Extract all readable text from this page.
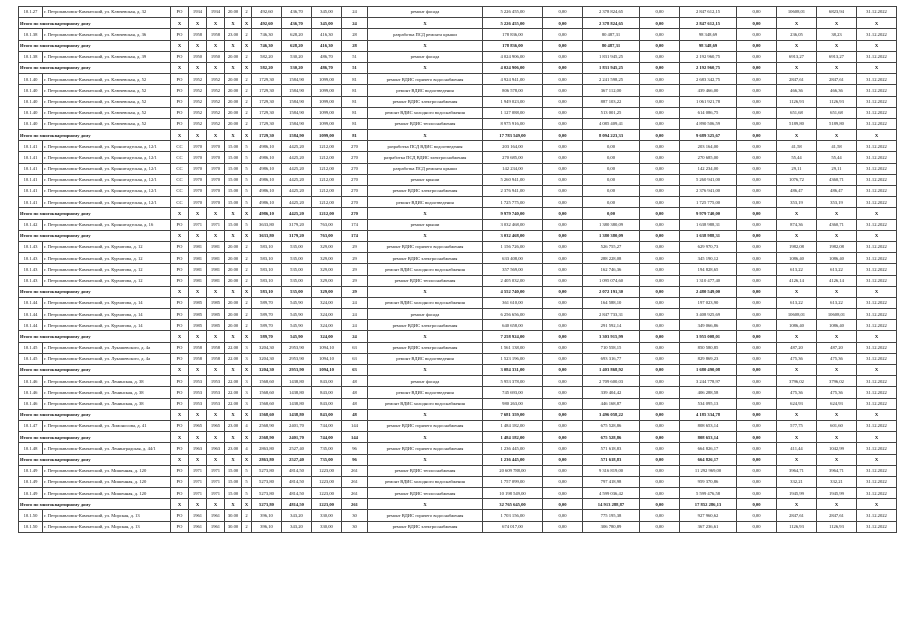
10.1.27	г. Петропавловск-Камчатский, ул. Ключевская, д. 32	РО	1934	1934	20.00	2	492,60	436,70	345,00	24	ремонт фасада	5 226 455,00	0,00	2 378 824,65	0,00	2 847 612,15	0,00	10608,01	6823,94	31.12.2022
Итого по многоквартирному дому		X	X	X	X	X	492,60	436,70	345,00	24	X	5 226 455,00	0,00	2 378 824,65	0,00	2 847 612,15	0,00	X	X	X
10.1.38	г. Петропавловск-Камчатский, ул. Ключевская, д. 36	РО	1958	1958	23.00	2	746,30	628,20	416,30	28	разработка ПСД ремонта крыши	178 836,00	0,00	80 487,31	0,00	98 348,69	0,00	236,05	38,23	31.12.2022
Итого по многоквартирному дому		X	X	X	X	X	746,30	628,20	416,30	28	X	178 836,00	0,00	80 487,31	0,00	98 348,69	0,00	X	X	X
10.1.38	г. Петропавловск-Камчатский, ул. Ключевская, д. 39	РО	1950	1950	20.00	2	582,20	530,20	486,70	51	ремонт фасада	4 024 906,00	0,00	1 831 945,25	0,00	2 192 960,75	0,00	6913,27	6913,27	31.12.2022
Итого по многоквартирному дому		X	X	X	X	X	582,20	530,20	486,70	51	X	4 024 906,00	0,00	1 831 945,25	0,00	2 192 960,75	0,00	X	X	X
10.1.40	г. Петропавловск-Камчатский, ул. Ключевская, д. 52	РО	1952	1952	20.00	2	1729,30	1584,90	1099,00	81	ремонт ВДИС горячего водоснабжения	4 924 941,00	0,00	2 241 598,25	0,00	2 683 342,75	0,00	2847,61	2847,61	31.12.2022
10.1.40	г. Петропавловск-Камчатский, ул. Ключевская, д. 52	РО	1952	1952	20.00	2	1729,30	1584,90	1099,00	81	ремонт ВДИС водоотведения	806 578,00	0,00	367 112,00	0,00	439 466,00	0,00	466,36	466,36	31.12.2022
10.1.40	г. Петропавловск-Камчатский, ул. Ключевская, д. 52	РО	1952	1952	20.00	2	1729,30	1584,90	1099,00	81	ремонт ВДИС электроснабжения	1 949 023,00	0,00	887 103,22	0,00	1 061 921,78	0,00	1126,93	1126,93	31.12.2022
10.1.40	г. Петропавловск-Камчатский, ул. Ключевская, д. 52	РО	1952	1952	20.00	2	1729,30	1584,90	1099,00	81	ремонт ВДИС холодного водоснабжения	1 127 088,00	0,00	513 001,25	0,00	614 086,75	0,00	651,68	651,68	31.12.2022
10.1.40	г. Петропавловск-Камчатский, ул. Ключевская, д. 52	РО	1952	1952	20.00	2	1729,30	1584,90	1099,00	81	ремонт ВДИС теплоснабжения	8 975 916,00	0,00	4 085 409,41	0,00	4 890 506,59	0,00	5189,80	5189,80	31.12.2022
Итого по многоквартирному дому		X	X	X	X	X	1729,30	1584,90	1099,00	81	X	17 783 549,00	0,00	8 094 223,33	0,00	9 689 325,67	0,00	X	X	X
10.1.41	г. Петропавловск-Камчатский, ул. Кронштадтская, д. 12/1	СС	1970	1970	15.00	5	4986,10	4425,20	1212,00	270	разработка ПСД ВДИС водоотведения	203 164,00	0,00	0,00	0,00	203 164,00	0,00	41,58	41,58	31.12.2022
10.1.41	г. Петропавловск-Камчатский, ул. Кронштадтская, д. 12/1	СС	1970	1970	15.00	5	4986,10	4425,20	1212,00	270	разработка ПСД ВДИС электроснабжения	270 685,00	0,00	0,00	0,00	270 685,00	0,00	55,44	55,44	31.12.2022
10.1.41	г. Петропавловск-Камчатский, ул. Кронштадтская, д. 12/1	СС	1970	1970	15.00	5	4986,10	4425,20	1212,00	270	разработка ПСД ремонта крыши	142 234,00	0,00	0,00	0,00	142 234,00	0,00	29,11	29,11	31.12.2022
10.1.41	г. Петропавловск-Камчатский, ул. Кронштадтская, д. 12/1	СС	1970	1970	15.00	5	4986,10	4425,20	1212,00	270	ремонт крыши	5 260 941,00	0,00	0,00	0,00	5 260 941,00	0,00	1076,72	4360,71	31.12.2022
10.1.41	г. Петропавловск-Камчатский, ул. Кронштадтская, д. 12/1	СС	1970	1970	15.00	5	4986,10	4425,20	1212,00	270	ремонт ВДИС электроснабжения	2 376 941,00	0,00	0,00	0,00	2 376 941,00	0,00	486,47	486,47	31.12.2022
10.1.41	г. Петропавловск-Камчатский, ул. Кронштадтская, д. 12/1	СС	1970	1970	15.00	5	4986,10	4425,20	1212,00	270	ремонт ВДИС водоотведения	1 725 775,00	0,00	0,00	0,00	1 725 775,00	0,00	353,19	353,19	31.12.2022
Итого по многоквартирному дому		X	X	X	X	X	4986,10	4425,20	1212,00	270	X	9 979 740,00	0,00	0,00	0,00	9 979 740,00	0,00	X	X	X
10.1.42	г. Петропавловск-Камчатский, ул. Кронштадтская, д. 16	РО	1971	1971	15.00	5	3633,80	3179,20	763,00	174	ремонт крыши	3 032 468,00	0,00	1 380 380,09	0,00	1 638 988,31	0,00	874,36	4360,71	31.12.2022
Итого по многоквартирному дому		X	X	X	X	X	3633,80	3179,20	763,00	174	X	3 032 468,00	0,00	1 380 380,09	0,00	1 638 988,31	0,00	X	X	X
10.1.43	г. Петропавловск-Камчатский, ул. Курчатова, д. 12	РО	1981	1981	20.00	2	583,10	535,00	329,00	29	ремонт ВДИС горячего водоснабжения	1 156 726,00	0,00	526 755,27	0,00	629 970,73	0,00	1982,08	1982,08	31.12.2022
10.1.43	г. Петропавловск-Камчатский, ул. Курчатова, д. 12	РО	1981	1981	20.00	2	583,10	535,00	329,00	29	ремонт ВДИС электроснабжения	633 408,00	0,00	288 228,08	0,00	345 190,12	0,00	1086,40	1086,40	31.12.2022
10.1.43	г. Петропавловск-Камчатский, ул. Курчатова, д. 12	РО	1981	1981	20.00	2	583,10	535,00	329,00	29	ремонт ВДИС холодного водоснабжения	357 569,00	0,00	162 746,36	0,00	194 828,65	0,00	613,22	613,22	31.12.2022
10.1.43	г. Петропавловск-Камчатский, ул. Курчатова, д. 12	РО	1981	1981	20.00	2	583,10	535,00	329,00	29	ремонт ВДИС теплоснабжения	2 405 032,00	0,00	1 095 074,60	0,00	1 310 477,40	0,00	4126,14	4126,14	31.12.2022
Итого по многоквартирному дому		X	X	X	X	X	583,10	535,00	329,00	29	X	4 552 740,00	0,00	2 072 191,30	0,00	2 480 549,00	0,00	X	X	X
10.1.44	г. Петропавловск-Камчатский, ул. Курчатова, д. 14	РО	1985	1985	20.00	2	589,70	545,90	324,00	24	ремонт ВДИС холодного водоснабжения	361 610,00	0,00	164 588,10	0,00	197 023,90	0,00	613,22	613,22	31.12.2022
10.1.44	г. Петропавловск-Камчатский, ул. Курчатова, д. 14	РО	1985	1985	20.00	2	589,70	545,90	324,00	24	ремонт фасада	6 256 656,00	0,00	2 847 733,31	0,00	3 408 925,69	0,00	10608,01	10608,01	31.12.2022
10.1.44	г. Петропавловск-Камчатский, ул. Курчатова, д. 14	РО	1985	1985	20.00	2	589,70	545,90	324,00	24	ремонт ВДИС электроснабжения	640 658,00	0,00	291 592,14	0,00	349 066,86	0,00	1086,40	1086,40	31.12.2022
Итого по многоквартирному дому		X	X	X	X	X	589,70	545,90	324,00	24	X	7 258 924,00	0,00	3 303 915,99	0,00	3 955 008,01	0,00	X	X	X
10.1.45	г. Петропавловск-Камчатский, ул. Лукашевского, д. 4а	РО	1958	1958	22.00	3	3204,30	2953,90	1094,10	63	ремонт ВДИС электроснабжения	1 561 138,00	0,00	710 558,15	0,00	850 580,85	0,00	487,20	487,20	31.12.2022
10.1.45	г. Петропавловск-Камчатский, ул. Лукашевского, д. 4а	РО	1958	1958	22.00	3	3204,30	2953,90	1094,10	63	ремонт ВДИС водоотведения	1 523 196,00	0,00	693 316,77	0,00	829 869,23	0,00	475,36	475,36	31.12.2022
Итого по многоквартирному дому		X	X	X	X	X	3204,30	2953,90	1094,10	63	X	3 084 331,00	0,00	1 403 868,92	0,00	1 680 490,08	0,00	X	X	X
10.1.46	г. Петропавловск-Камчатский, ул. Ленинская, д. 38	РО	1953	1953	22.00	3	1568,60	1438,80	843,00	48	ремонт фасада	5 953 378,00	0,00	2 709 600,03	0,00	3 244 778,97	0,00	3796,02	3796,02	31.12.2022
10.1.46	г. Петропавловск-Камчатский, ул. Ленинская, д. 38	РО	1953	1953	22.00	3	1568,60	1438,80	843,00	48	ремонт ВДИС водоотведения	745 693,00	0,00	339 404,42	0,00	406 288,58	0,00	475,36	475,36	31.12.2022
10.1.46	г. Петропавловск-Камчатский, ул. Ленинская, д. 38	РО	1953	1953	22.00	3	1568,60	1438,80	843,00	48	ремонт ВДИС холодного водоснабжения	980 263,00	0,00	446 168,87	0,00	534 095,13	0,00	624,93	624,93	31.12.2022
Итого по многоквартирному дому		X	X	X	X	X	1568,60	1438,80	843,00	48	X	7 681 359,00	0,00	3 496 058,22	0,00	4 185 334,78	0,00	X	X	X
10.1.47	г. Петропавловск-Камчатский, ул. Ломоносова, д. 41	РО	1965	1965	23.00	4	2568,90	2401,70	744,00	144	ремонт ВДИС горячего водоснабжения	1 484 182,00	0,00	675 528,86	0,00	808 653,14	0,00	577,75	601,60	31.12.2022
Итого по многоквартирному дому		X	X	X	X	X	2568,90	2401,70	744,00	144	X	1 484 182,00	0,00	675 528,86	0,00	808 653,14	0,00	X	X	X
10.1.48	г. Петропавловск-Камчатский, ул. Ленинградская, д. 44/1	РО	1963	1963	23.00	4	2863,80	2527,40	735,00	96	ремонт ВДИС горячего водоснабжения	1 236 445,00	0,00	571 618,83	0,00	664 826,17	0,00	411,44	1042,99	31.12.2022
Итого по многоквартирному дому		X	X	X	X	X	2863,80	2527,40	735,00	96	X	1 236 445,00	0,00	571 618,83	0,00	664 826,17	0,00	X	X	X
10.1.49	г. Петропавловск-Камчатский, ул. Мишенная, д. 120	РО	1971	1971	15.00	5	5273,80	4814,50	1223,00	261	ремонт ВДИС теплоснабжения	20 609 788,00	0,00	9 316 819,00	0,00	11 292 969,00	0,00	3964,71	3964,71	31.12.2022
10.1.49	г. Петропавловск-Камчатский, ул. Мишенная, д. 120	РО	1971	1971	15.00	5	5273,80	4814,50	1223,00	261	ремонт ВДИС холодного водоснабжения	1 757 099,00	0,00	797 418,98	0,00	959 370,86	0,00	332,21	332,21	31.12.2022
10.1.49	г. Петропавловск-Камчатский, ул. Мишенная, д. 120	РО	1971	1971	15.00	5	5273,80	4814,50	1223,00	261	ремонт ВДИС теплоснабжения	10 198 549,00	0,00	4 599 036,42	0,00	5 599 476,58	0,00	1945,99	1945,99	31.12.2022
Итого по многоквартирному дому		X	X	X	X	X	5273,80	4814,50	1223,00	261	X	32 765 645,00	0,00	14 913 288,87	0,00	17 852 286,13	0,00	X	X	X
10.1.50	г. Петропавловск-Камчатский, ул. Морская, д. 13	РО	1961	1961	30.00	2	396,10	343,20	330,00	30	ремонт ВДИС горячего водоснабжения	1 703 156,00	0,00	775 195,38	0,00	927 960,62	0,00	2847,61	2847,61	31.12.2022
10.1.50	г. Петропавловск-Камчатский, ул. Морская, д. 13	РО	1961	1961	30.00	2	396,10	343,20	330,00	30	ремонт ВДИС электроснабжения	674 017,00	0,00	306 780,89	0,00	367 236,61	0,00	1126,93	1126,93	31.12.2022
